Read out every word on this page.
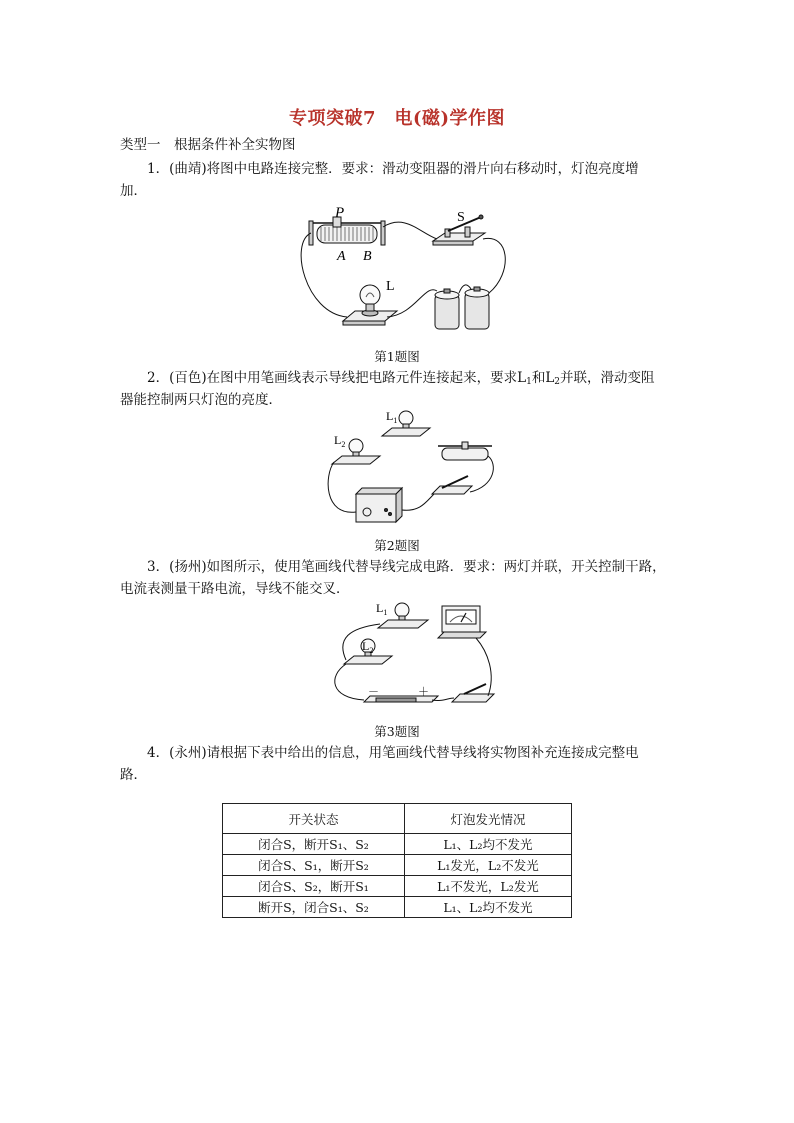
专项突破7　电(磁)学作图
类型一　根据条件补全实物图
1．(曲靖)将图中电路连接完整．要求：滑动变阻器的滑片向右移动时，灯泡亮度增
加．
P
A B
S
L
第1题图
2．(百色)在图中用笔画线表示导线把电路元件连接起来，要求$L_1$和$L_2$并联，滑动变阻
器能控制两只灯泡的亮度．
$L_1$
$L_2$
第2题图
3．(扬州)如图所示，使用笔画线代替导线完成电路．要求：两灯并联，开关控制干路，
电流表测量干路电流，导线不能交叉．
$L_1$
$L_2$
－	＋
第3题图
4．(永州)请根据下表中给出的信息，用笔画线代替导线将实物图补充连接成完整电
路．
开关状态	灯泡发光情况
闭合S，断开S₁、S₂	L₁、L₂均不发光
闭合S、S₁，断开S₂	L₁发光，L₂不发光
闭合S、S₂，断开S₁	L₁不发光，L₂发光
断开S，闭合S₁、S₂	L₁、L₂均不发光
